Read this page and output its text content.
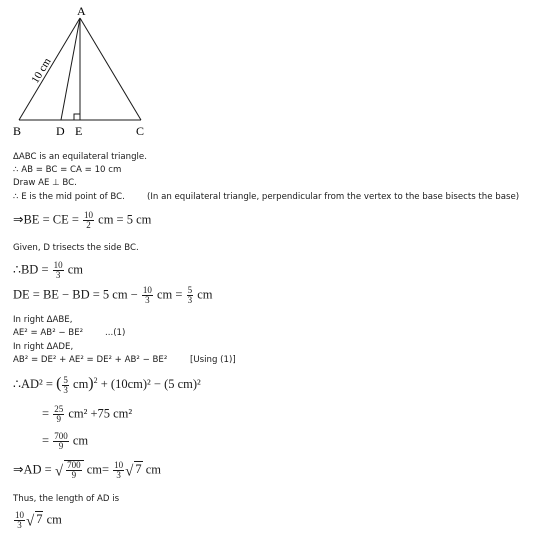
A
B	D E	C
10 cm
ΔABC is an equilateral triangle.
∴ AB = BC = CA = 10 cm
Draw AE ⊥ BC.
∴ E is the mid point of BC.	(In an equilateral triangle, perpendicular from the vertex to the base bisects the base)
⇒BE = CE = $\frac{10}{2}$ cm = 5 cm
Given, D trisects the side BC.
∴BD = $\frac{10}{3}$ cm
DE = BE − BD = 5 cm − $\frac{10}{3}$ cm = $\frac{5}{3}$ cm
In right ΔABE,
AE² = AB² − BE²	...(1)
In right ΔADE,
AB² = DE² + AE² = DE² + AB² − BE²	[Using (1)]
∴AD² = ( $\frac{5}{3} cm)^2 + (10cm)^2 - (5$ cm)²
= $\frac{25}{9} cm^2 +75$ cm²
= $\frac{700}{9}$ cm
⇒AD = √ $\frac{700}{9} cm= \frac{10}{3}$ √ 7 cm
Thus, the length of AD is
$\frac{10}{3}$ √ 7 cm
